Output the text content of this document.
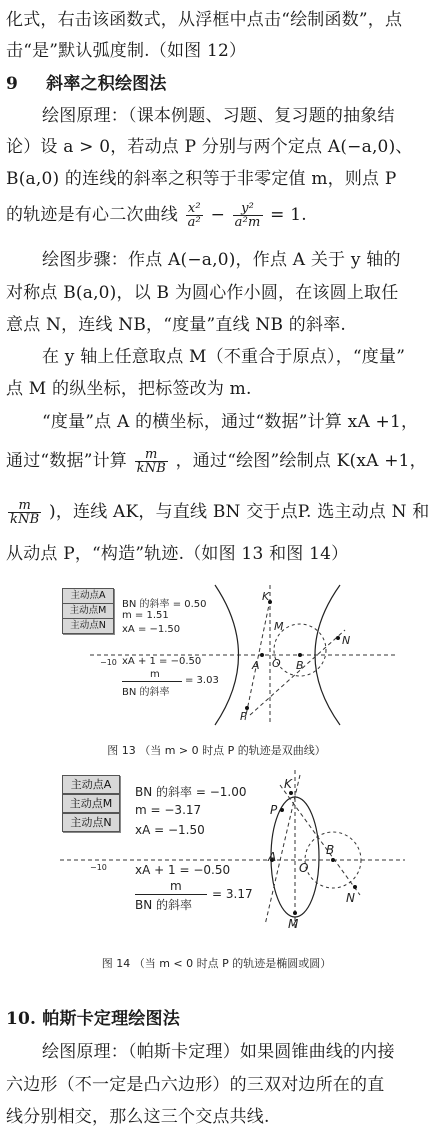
化式，右击该函数式，从浮框中点击“绘制函数”，点
击“是”默认弧度制.（如图 12）
9 斜率之积绘图法
绘图原理：（课本例题、习题、复习题的抽象结
论）设 a > 0，若动点 P 分别与两个定点 A(−a,0)、
B(a,0) 的连线的斜率之积等于非零定值 m，则点 P
的轨迹是有心二次曲线 $\frac{\text{x²}}{\text{a²}} - \frac{\text{y²}}{\text{a²m}} = 1$.
绘图步骤：作点 A(−a,0)，作点 A 关于 y 轴的
对称点 B(a,0)，以 B 为圆心作小圆，在该圆上取任
意点 N，连线 NB，“度量”直线 NB 的斜率.
在 y 轴上任意取点 M（不重合于原点），“度量”
点 M 的纵坐标，把标签改为 m.
“度量”点 A 的横坐标，通过“数据”计算 xA +1，
通过“数据”计算 $\frac{m}{\text{kNB}}$ ，通过“绘图”绘制点 K(xA +1，
$\frac{m}{\text{kNB}}$ )，连线 AK，与直线 BN 交于点P. 选主动点 N 和
从动点 P，“构造”轨迹.（如图 13 和图 14）
主动点A
主动点M
主动点N
BN 的斜率 = 0.50
m = 1.51
xA = −1.50
xA + 1 = −0.50
m
BN 的斜率
= 3.03
−10
K
A O B
N
P
M
图 13 （当 m > 0 时点 P 的轨迹是双曲线）
主动点A
主动点M
主动点N
BN 的斜率 = −1.00
m = −3.17
xA = −1.50
xA + 1 = −0.50
m
BN 的斜率
= 3.17
−10
K
P
A
O
B
N
M
图 14 （当 m < 0 时点 P 的轨迹是椭圆或圆）
10. 帕斯卡定理绘图法
绘图原理：（帕斯卡定理）如果圆锥曲线的内接
六边形（不一定是凸六边形）的三双对边所在的直
线分别相交，那么这三个交点共线.
